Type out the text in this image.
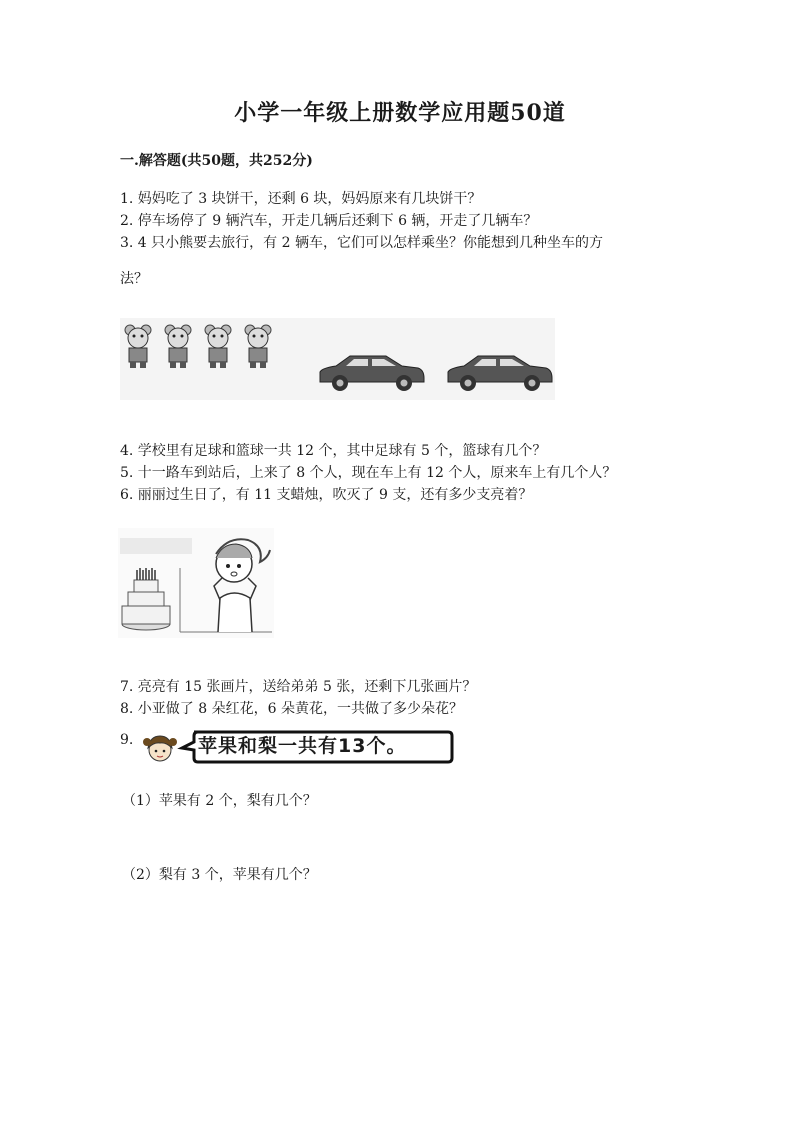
小学一年级上册数学应用题50道
一.解答题(共50题，共252分)
1. 妈妈吃了 3 块饼干，还剩 6 块，妈妈原来有几块饼干？
2. 停车场停了 9 辆汽车，开走几辆后还剩下 6 辆，开走了几辆车？
3. 4 只小熊要去旅行，有 2 辆车，它们可以怎样乘坐？你能想到几种坐车的方
法？
4. 学校里有足球和篮球一共 12 个，其中足球有 5 个，篮球有几个？
5. 十一路车到站后，上来了 8 个人，现在车上有 12 个人，原来车上有几个人？
6. 丽丽过生日了，有 11 支蜡烛，吹灭了 9 支，还有多少支亮着？
7. 亮亮有 15 张画片，送给弟弟 5 张，还剩下几张画片？
8. 小亚做了 8 朵红花，6 朵黄花，一共做了多少朵花？
9.	苹果和梨一共有13个。
（1）苹果有 2 个，梨有几个？
（2）梨有 3 个，苹果有几个？
